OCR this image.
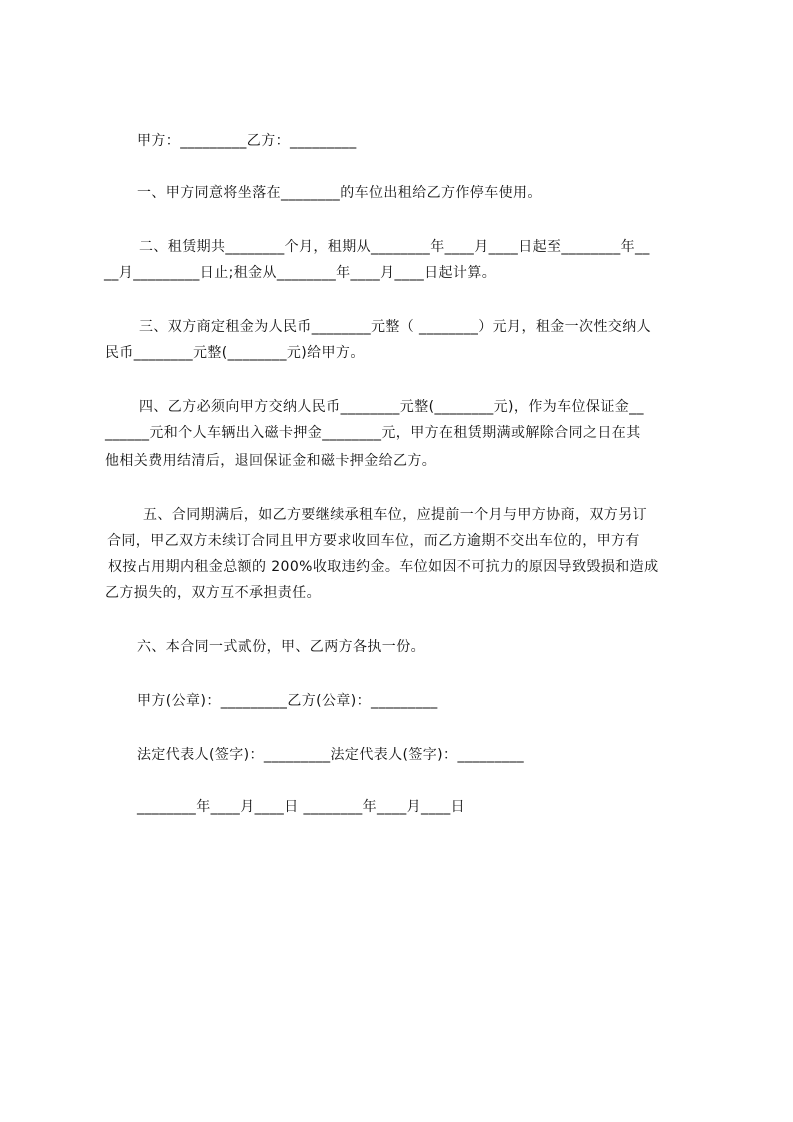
甲方：_________乙方：_________
一、甲方同意将坐落在________的车位出租给乙方作停车使用。
二、租赁期共________个月，租期从________年____月____日起至________年__
__月_________日止;租金从________年____月____日起计算。
三、双方商定租金为人民币________元整（ ________）元月，租金一次性交纳人
民币________元整(________元)给甲方。
四、乙方必须向甲方交纳人民币________元整(________元)，作为车位保证金__
______元和个人车辆出入磁卡押金________元，甲方在租赁期满或解除合同之日在其
他相关费用结清后，退回保证金和磁卡押金给乙方。
五、合同期满后，如乙方要继续承租车位，应提前一个月与甲方协商，双方另订
合同，甲乙双方未续订合同且甲方要求收回车位，而乙方逾期不交出车位的，甲方有
权按占用期内租金总额的 200%收取违约金。车位如因不可抗力的原因导致毁损和造成
乙方损失的，双方互不承担责任。
六、本合同一式贰份，甲、乙两方各执一份。
甲方(公章)：_________乙方(公章)：_________
法定代表人(签字)：_________法定代表人(签字)：_________
________年____月____日 ________年____月____日
